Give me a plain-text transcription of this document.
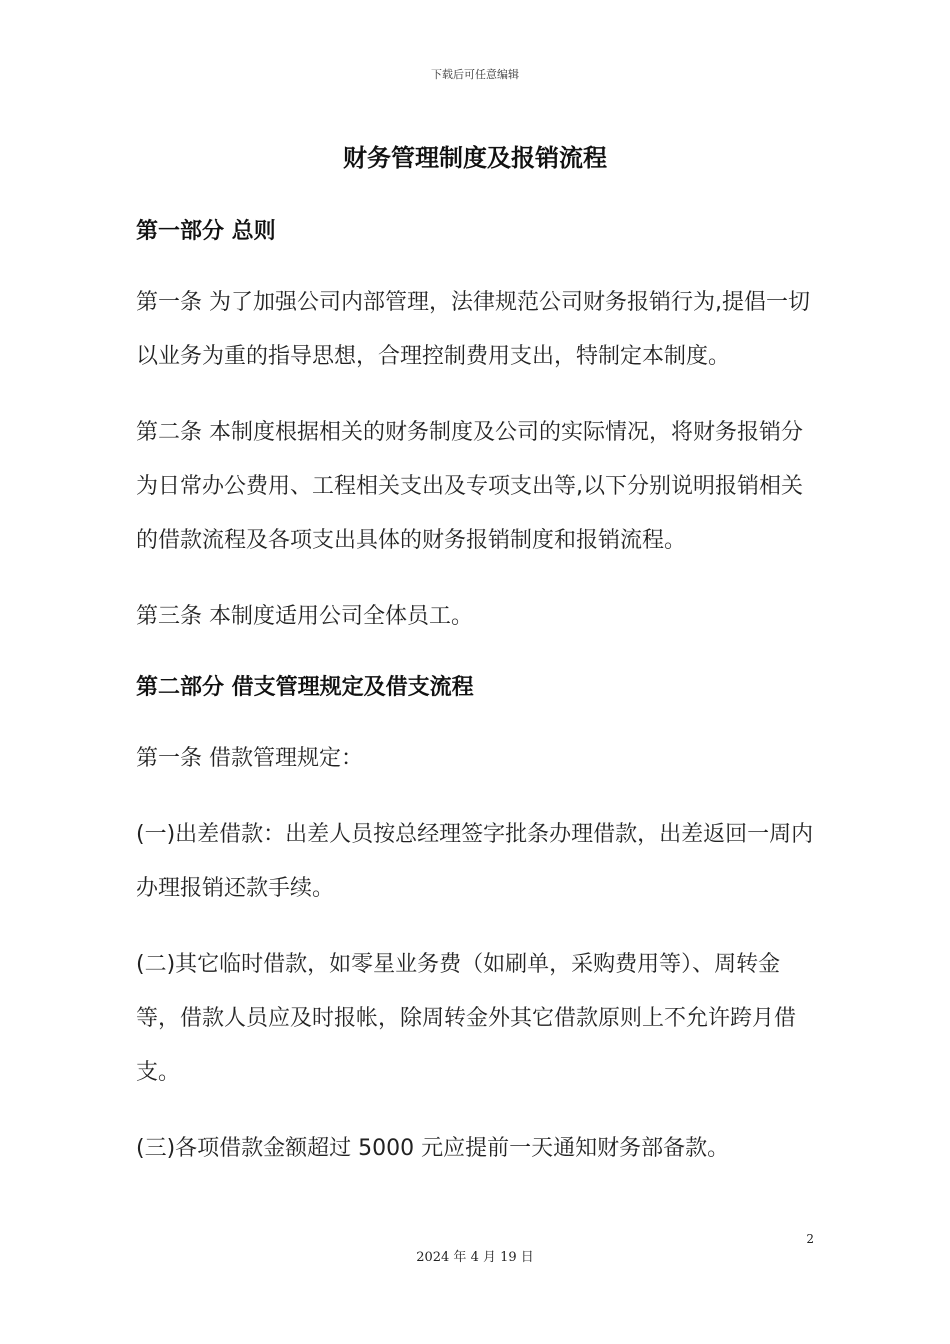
下载后可任意编辑
财务管理制度及报销流程
第一部分 总则

第一条 为了加强公司内部管理，法律规范公司财务报销行为,提倡一切以业务为重的指导思想，合理控制费用支出，特制定本制度。

第二条 本制度根据相关的财务制度及公司的实际情况，将财务报销分为日常办公费用、工程相关支出及专项支出等,以下分别说明报销相关的借款流程及各项支出具体的财务报销制度和报销流程。

第三条 本制度适用公司全体员工。

第二部分 借支管理规定及借支流程

第一条 借款管理规定：

(一)出差借款：出差人员按总经理签字批条办理借款，出差返回一周内办理报销还款手续。

(二)其它临时借款，如零星业务费（如刷单，采购费用等）、周转金等，借款人员应及时报帐，除周转金外其它借款原则上不允许跨月借支。

(三)各项借款金额超过 5000 元应提前一天通知财务部备款。

2
2024 年 4 月 19 日
